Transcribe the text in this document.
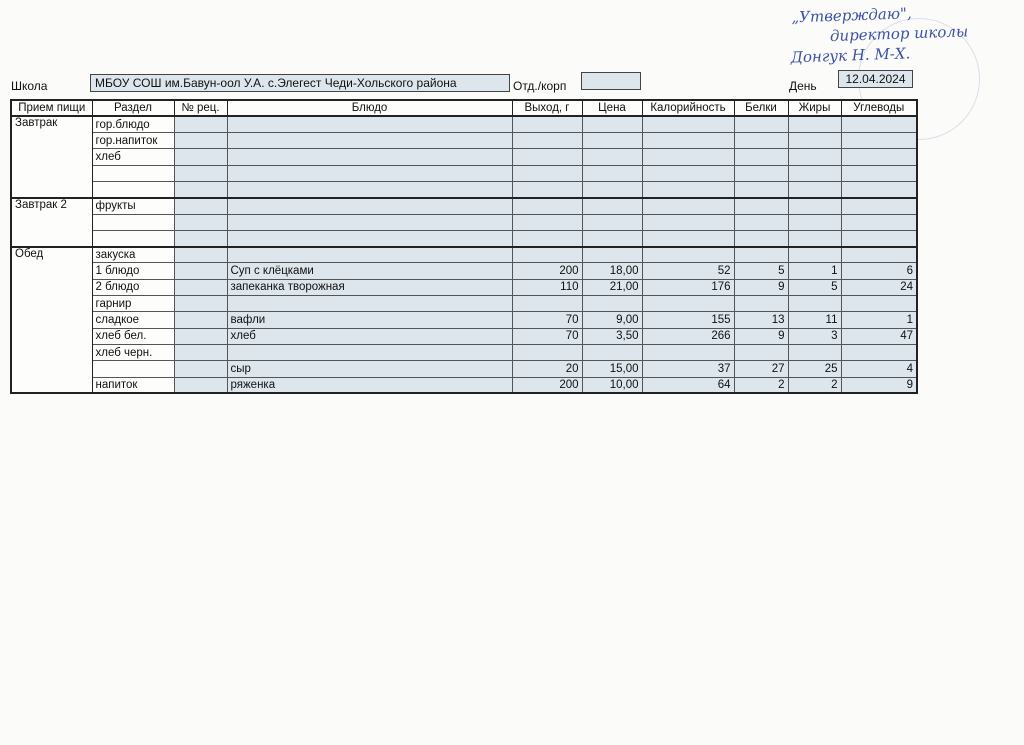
„Утверждаю",
директор школы
Донгук Н. М-Х.
Школа	МБОУ СОШ им.Бавун-оол У.А. с.Элегест Чеди-Хольского района	Отд./корп	День	12.04.2024
Прием пищи	Раздел	№ рец.	Блюдо	Выход, г	Цена	Калорийность	Белки	Жиры	Углеводы
Завтрак	гор.блюдо								
	гор.напиток								
	хлеб								

Завтрак 2	фрукты								

Обед	закуска								
	1 блюдо		Суп с клёцками	200	18,00	52	5	1	6
	2 блюдо		запеканка творожная	110	21,00	176	9	5	24
	гарнир								
	сладкое		вафли	70	9,00	155	13	11	1
	хлеб бел.		хлеб	70	3,50	266	9	3	47
	хлеб черн.								
			сыр	20	15,00	37	27	25	4
	напиток		ряженка	200	10,00	64	2	2	9
